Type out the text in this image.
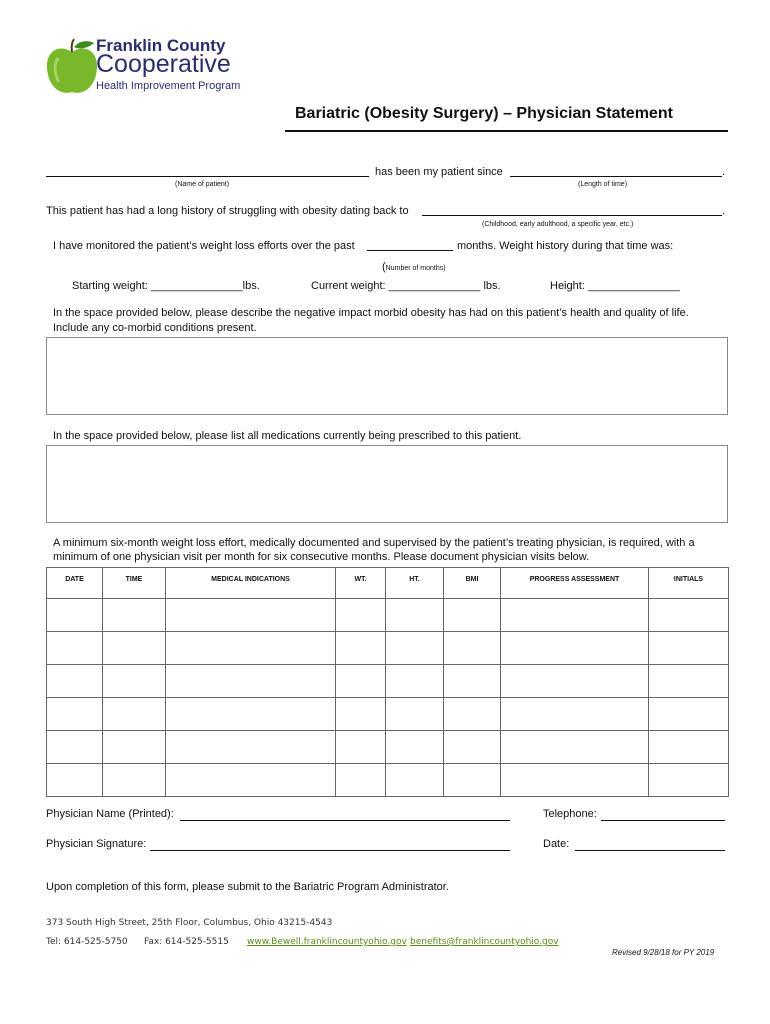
Franklin County
Cooperative
Health Improvement Program
Bariatric (Obesity Surgery) – Physician Statement
has been my patient since	.
(Name of patient)	(Length of time)
This patient has had a long history of struggling with obesity dating back to	.
(Childhood, early adulthood, a specific year, etc.)
I have monitored the patient’s weight loss efforts over the past	months. Weight history during that time was:
(Number of months)
Starting weight: _______________lbs.	Current weight: _______________ lbs.	Height: _______________
In the space provided below, please describe the negative impact morbid obesity has had on this patient’s health and quality of life.
Include any co-morbid conditions present.
In the space provided below, please list all medications currently being prescribed to this patient.
A minimum six-month weight loss effort, medically documented and supervised by the patient’s treating physician, is required, with a
minimum of one physician visit per month for six consecutive months. Please document physician visits below.
DATE	TIME	MEDICAL INDICATIONS	WT.	HT.	BMI	PROGRESS ASSESSMENT	INITIALS

Physician Name (Printed):	Telephone:
Physician Signature:	Date:
Upon completion of this form, please submit to the Bariatric Program Administrator.
373 South High Street, 25th Floor, Columbus, Ohio 43215-4543
Tel: 614-525-5750 Fax: 614-525-5515 www.Bewell.franklincountyohio.gov benefits@franklincountyohio.gov
Revised 9/28/18 for PY 2019
